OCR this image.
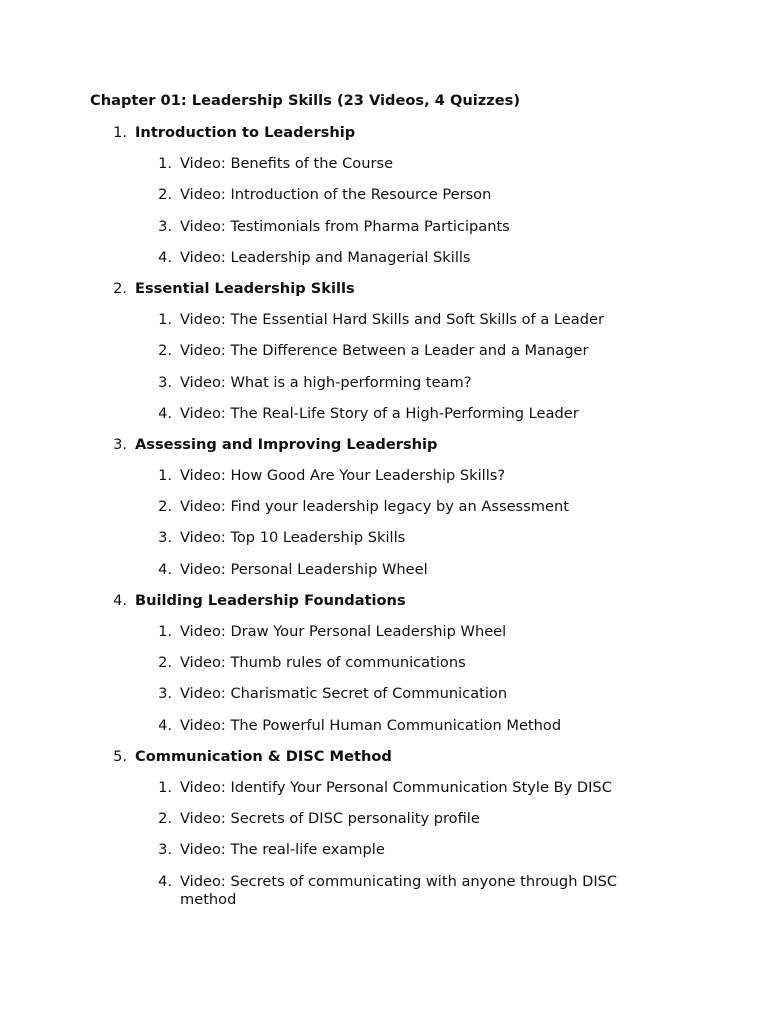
Chapter 01: Leadership Skills (23 Videos, 4 Quizzes)
1. Introduction to Leadership
1. Video: Benefits of the Course
2. Video: Introduction of the Resource Person
3. Video: Testimonials from Pharma Participants
4. Video: Leadership and Managerial Skills
2. Essential Leadership Skills
1. Video: The Essential Hard Skills and Soft Skills of a Leader
2. Video: The Difference Between a Leader and a Manager
3. Video: What is a high-performing team?
4. Video: The Real-Life Story of a High-Performing Leader
3. Assessing and Improving Leadership
1. Video: How Good Are Your Leadership Skills?
2. Video: Find your leadership legacy by an Assessment
3. Video: Top 10 Leadership Skills
4. Video: Personal Leadership Wheel
4. Building Leadership Foundations
1. Video: Draw Your Personal Leadership Wheel
2. Video: Thumb rules of communications
3. Video: Charismatic Secret of Communication
4. Video: The Powerful Human Communication Method
5. Communication & DISC Method
1. Video: Identify Your Personal Communication Style By DISC
2. Video: Secrets of DISC personality profile
3. Video: The real-life example
4. Video: Secrets of communicating with anyone through DISC method
